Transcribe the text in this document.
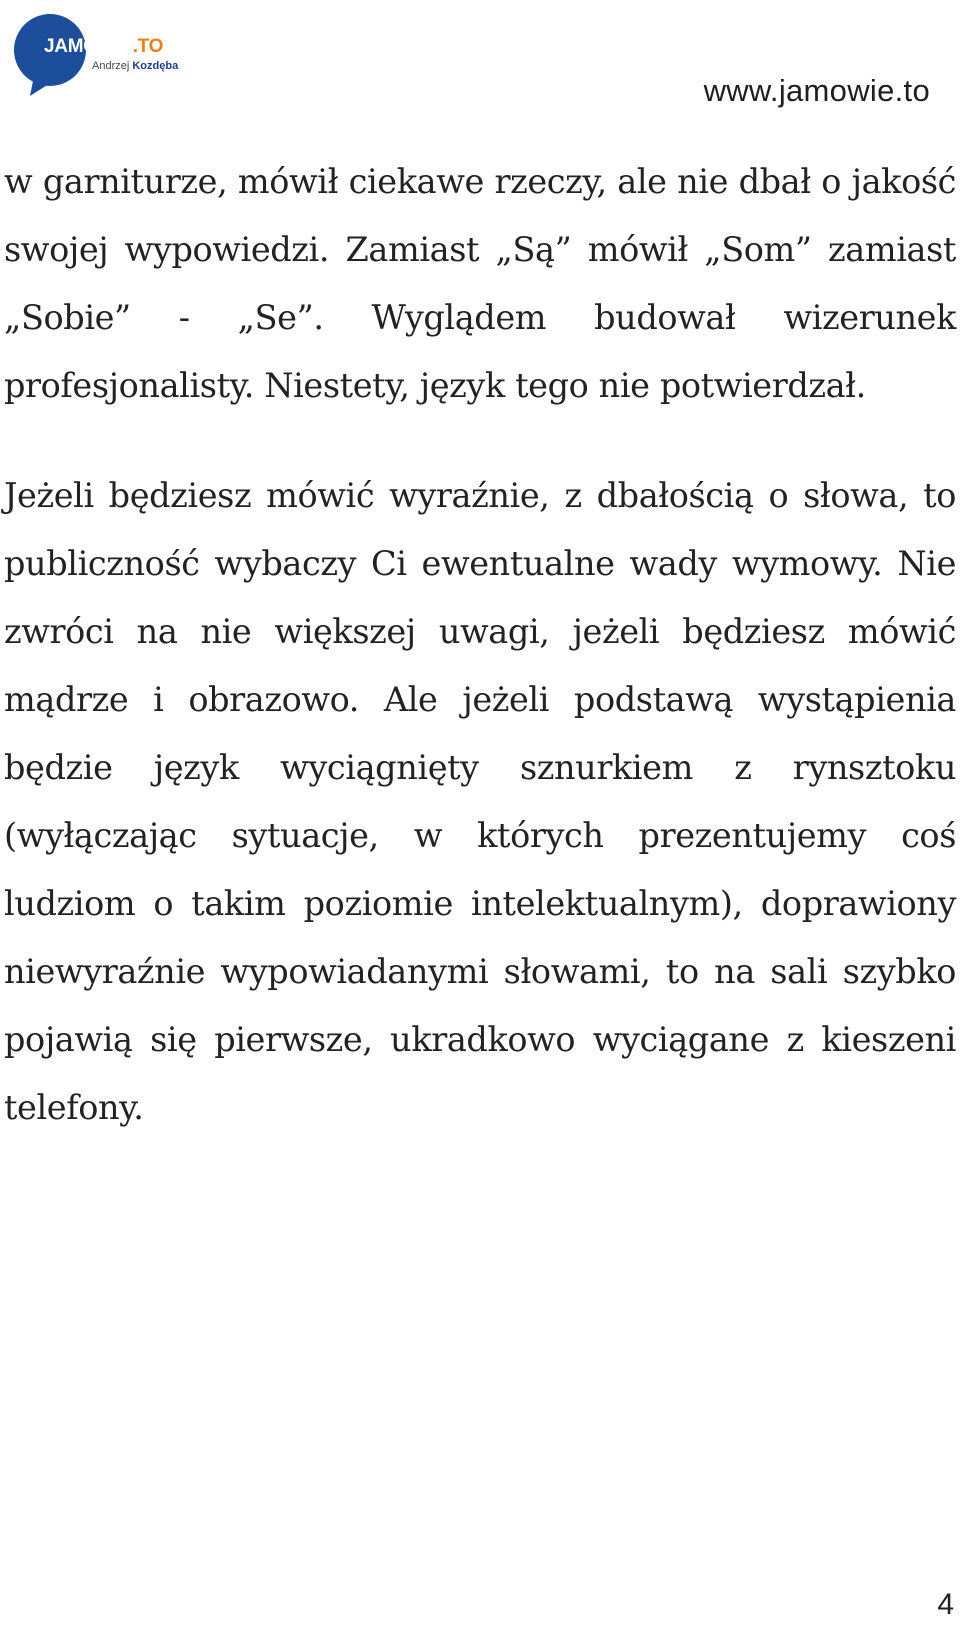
JAMÓWIĘ.TO
Andrzej Kozdęba
www.jamowie.to

w garniturze, mówił ciekawe rzeczy, ale nie dbał o jakość swojej wypowiedzi. Zamiast „Są” mówił „Som” zamiast „Sobie” - „Se”. Wyglądem budował wizerunek profesjonalisty. Niestety, język tego nie potwierdzał.

Jeżeli będziesz mówić wyraźnie, z dbałością o słowa, to publiczność wybaczy Ci ewentualne wady wymowy. Nie zwróci na nie większej uwagi, jeżeli będziesz mówić mądrze i obrazowo. Ale jeżeli podstawą wystąpienia będzie język wyciągnięty sznurkiem z rynsztoku (wyłączając sytuacje, w których prezentujemy coś ludziom o takim poziomie intelektualnym), doprawiony niewyraźnie wypowiadanymi słowami, to na sali szybko pojawią się pierwsze, ukradkowo wyciągane z kieszeni telefony.

4
